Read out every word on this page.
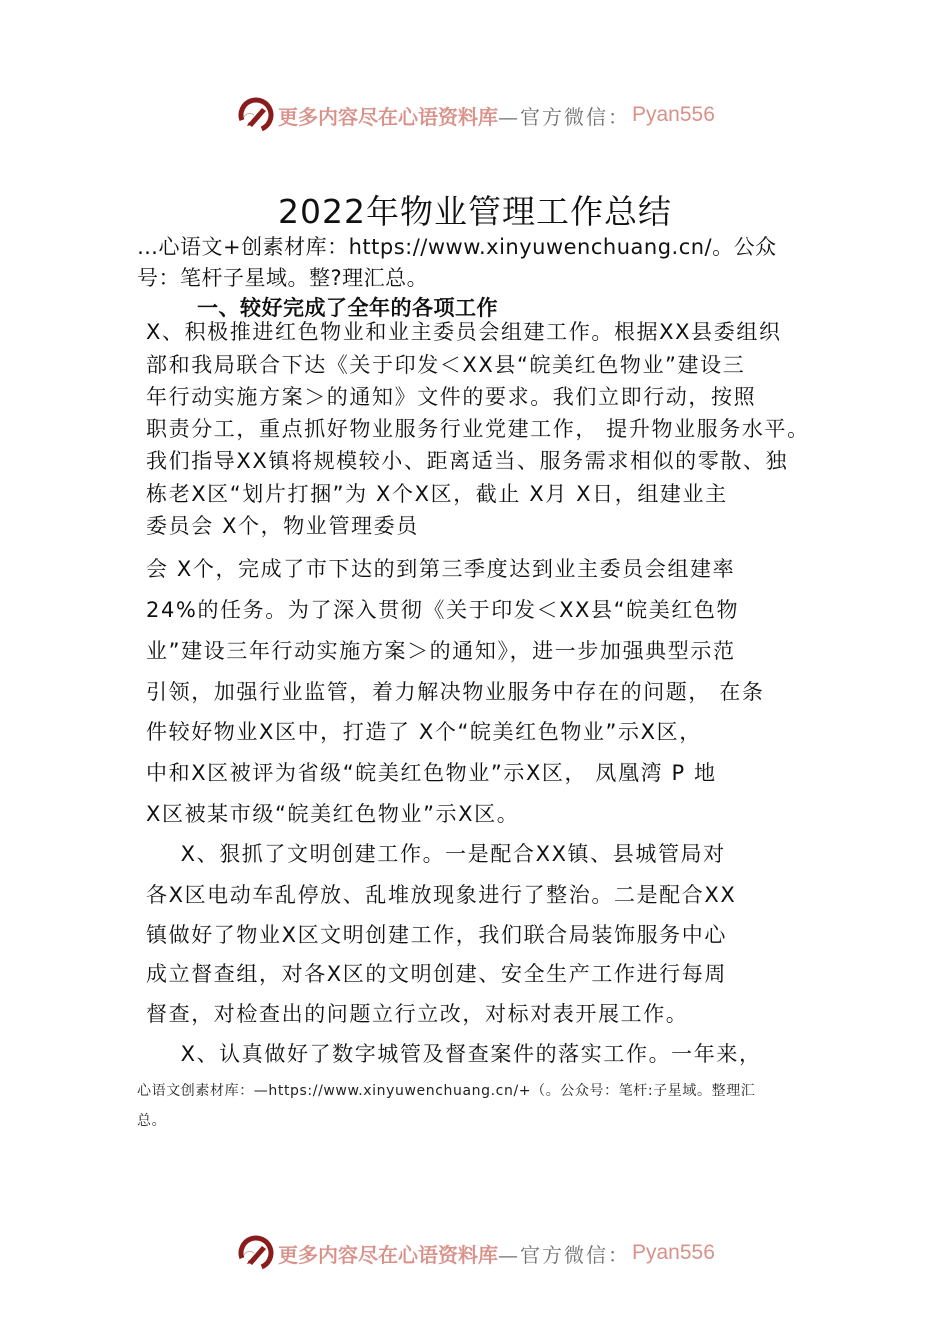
更多内容尽在心语资料库 —官方微信： Pyan556
2022年物业管理工作总结
…心语文+创素材库：https://www.xinyuwenchuang.cn/。公众
号：笔杆子星域。整?理汇总。
一、较好完成了全年的各项工作
X、积极推进红色物业和业主委员会组建工作。根据XX县委组织
部和我局联合下达《关于印发＜XX县“皖美红色物业”建设三
年行动实施方案＞的通知》文件的要求。我们立即行动，按照
职责分工，重点抓好物业服务行业党建工作， 提升物业服务水平。
我们指导XX镇将规模较小、距离适当、服务需求相似的零散、独
栋老X区“划片打捆”为 X个X区，截止 X月 X日，组建业主
委员会 X个，物业管理委员
会 X个，完成了市下达的到第三季度达到业主委员会组建率
24%的任务。为了深入贯彻《关于印发＜XX县“皖美红色物
业”建设三年行动实施方案＞的通知》，进一步加强典型示范
引领，加强行业监管，着力解决物业服务中存在的问题， 在条
件较好物业X区中，打造了 X个“皖美红色物业”示X区，
中和X区被评为省级“皖美红色物业”示X区， 凤凰湾 P 地
X区被某市级“皖美红色物业”示X区。
　X、狠抓了文明创建工作。一是配合XX镇、县城管局对
各X区电动车乱停放、乱堆放现象进行了整治。二是配合XX
镇做好了物业X区文明创建工作，我们联合局装饰服务中心
成立督查组，对各X区的文明创建、安全生产工作进行每周
督查，对检查出的问题立行立改，对标对表开展工作。
　X、认真做好了数字城管及督查案件的落实工作。一年来，
心语文创素材库：—https://www.xinyuwenchuang.cn/+（。公众号：笔杆:子星域。整理汇
总。
更多内容尽在心语资料库 —官方微信： Pyan556
